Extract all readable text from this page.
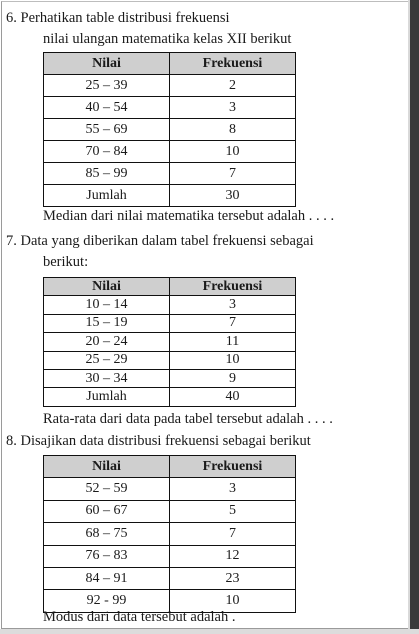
6. Perhatikan table distribusi frekuensi
nilai ulangan matematika kelas XII berikut
Nilai	Frekuensi
25 – 39	2
40 – 54	3
55 – 69	8
70 – 84	10
85 – 99	7
Jumlah	30
Median dari nilai matematika tersebut adalah . . . .
7. Data yang diberikan dalam tabel frekuensi sebagai
berikut:
Nilai	Frekuensi
10 – 14	3
15 – 19	7
20 – 24	11
25 – 29	10
30 – 34	9
Jumlah	40
Rata-rata dari data pada tabel tersebut adalah . . . .
8. Disajikan data distribusi frekuensi sebagai berikut
Nilai	Frekuensi
52 – 59	3
60 – 67	5
68 – 75	7
76 – 83	12
84 – 91	23
92 - 99	10
Modus dari data tersebut adalah .
